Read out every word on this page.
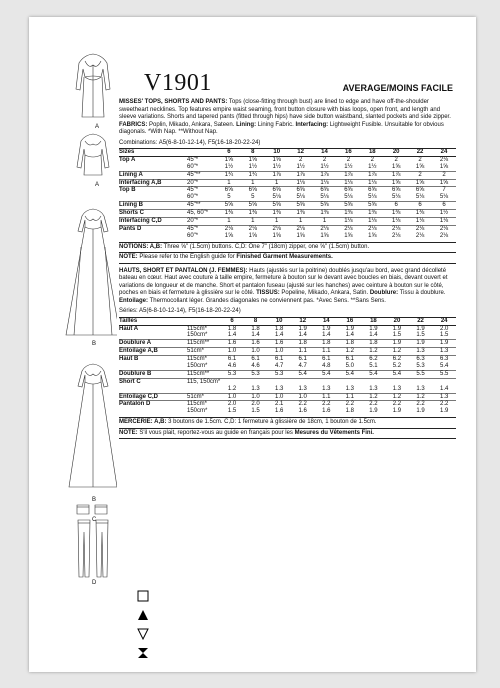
A
A
B
B
C
D
V1901	AVERAGE/MOINS FACILE

MISSES' TOPS, SHORTS AND PANTS: Tops (close-fitting through bust) are lined to edge and have off-the-shoulder sweetheart necklines. Top features empire waist seaming, front button closure with bias loops, open front, and length and sleeve variations. Shorts and tapered pants (fitted through hips) have side button waistband, slanted pockets and side zipper. FABRICS: Poplin, Mikado, Ankara, Sateen. Lining: Lining Fabric. Interfacing: Lightweight Fusible. Unsuitable for obvious diagonals. *With Nap. **Without Nap.

Combinations: A5(6-8-10-12-14), F5(16-18-20-22-24)
Sizes		6	8	10	12	14	16	18	20	22	24
Top A	45"*	1⅝	1⅝	1⅝	2	2	2	2	2	2	2⅛
	60"*	1½	1½	1½	1½	1½	1½	1½	1⅝	1⅝	1⅝
Lining A	45"**	1¾	1¾	1⅞	1⅞	1⅞	1⅞	1⅞	1⅞	2	2
Interfacing A,B	20"*	1	1	1	1⅛	1⅛	1⅛	1⅛	1⅝	1⅝	1⅝
Top B	45"*	6⅝	6⅝	6⅝	6⅝	6⅝	6⅝	6⅝	6⅝	6⅝	7
	60"*	5	5	5⅛	5⅛	5⅛	5⅛	5⅛	5⅛	5⅛	5⅛
Lining B	45"**	5⅝	5⅝	5⅝	5⅝	5⅝	5⅝	5⅝	6	6	6
Shorts C	45, 60"*	1⅜	1⅜	1⅜	1⅜	1⅜	1⅜	1⅜	1⅜	1⅜	1½
Interfacing C,D	20"*	1	1	1	1	1	1⅛	1⅛	1⅛	1⅛	1⅛
Pants D	45"*	2⅛	2⅛	2⅛	2⅛	2⅛	2⅛	2⅛	2⅛	2⅛	2⅛
	60"*	1⅝	1⅝	1⅝	1⅝	1⅝	1⅝	1⅝	2⅛	2⅛	2⅛
NOTIONS: A,B: Three ⅝" (1.5cm) buttons. C,D: One 7" (18cm) zipper, one ⅝" (1.5cm) button.
NOTE: Please refer to the English guide for Finished Garment Measurements.

HAUTS, SHORT ET PANTALON (J. FEMMES): Hauts (ajustés sur la poitrine) doublés jusqu'au bord, avec grand décolleté bateau en cœur. Haut avec couture à taille empire, fermeture à bouton sur le devant avec boucles en biais, devant ouvert et variations de longueur et de manche. Short et pantalon fuseau (ajusté sur les hanches) avec ceinture à bouton sur le côté, poches en biais et fermeture à glissière sur le côté. TISSUS: Popeline, Mikado, Ankara, Satin. Doublure: Tissu à doublure. Entoilage: Thermocollant léger. Grandes diagonales ne conviennent pas. *Avec Sens. **Sans Sens.

Séries: A5(6-8-10-12-14), F5(16-18-20-22-24)
Tailles		6	8	10	12	14	16	18	20	22	24
Haut A	115cm*	1.8	1.8	1.8	1.9	1.9	1.9	1.9	1.9	1.9	2.0
	150cm*	1.4	1.4	1.4	1.4	1.4	1.4	1.4	1.5	1.5	1.5
Doublure A	115cm**	1.6	1.6	1.6	1.8	1.8	1.8	1.8	1.9	1.9	1.9
Entoilage A,B	51cm*	1.0	1.0	1.0	1.1	1.1	1.2	1.2	1.2	1.3	1.3
Haut B	115cm*	6.1	6.1	6.1	6.1	6.1	6.1	6.2	6.2	6.3	6.3
	150cm*	4.6	4.6	4.7	4.7	4.8	5.0	5.1	5.2	5.3	5.4
Doublure B	115cm**	5.3	5.3	5.3	5.4	5.4	5.4	5.4	5.4	5.5	5.5
Short C	115, 150cm*										
		1.2	1.3	1.3	1.3	1.3	1.3	1.3	1.3	1.3	1.4
Entoilage C,D	51cm*	1.0	1.0	1.0	1.0	1.1	1.1	1.2	1.2	1.2	1.3
Pantalon D	115cm*	2.0	2.0	2.1	2.2	2.2	2.2	2.2	2.2	2.2	2.2
	150cm*	1.5	1.5	1.6	1.6	1.6	1.8	1.9	1.9	1.9	1.9
MERCERIE: A,B: 3 boutons de 1.5cm. C,D: 1 fermeture à glissière de 18cm, 1 bouton de 1.5cm.
NOTE: S'il vous plait, reportez-vous au guide en français pour les Mesures du Vêtements Fini.
